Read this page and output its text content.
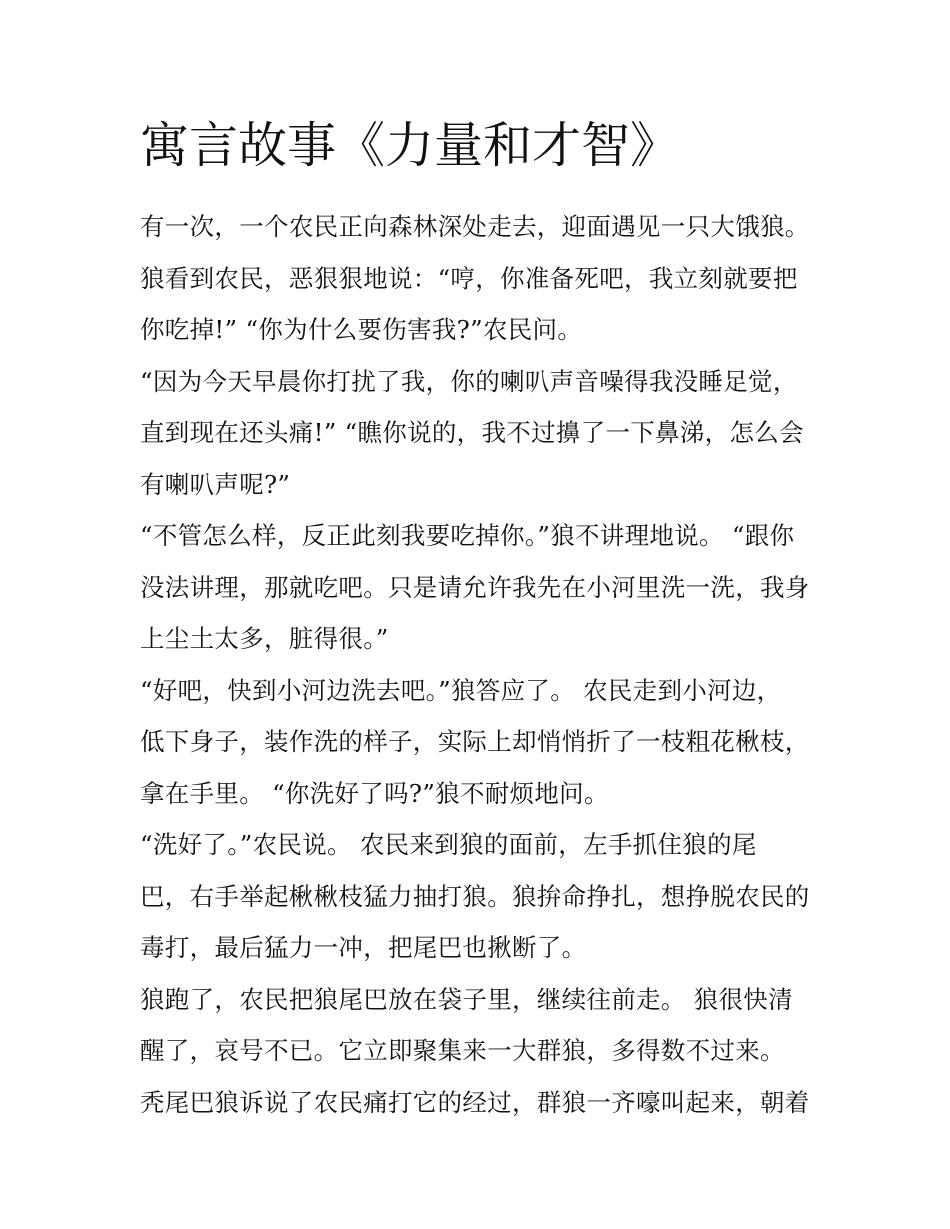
寓言故事《力量和才智》
有一次，一个农民正向森林深处走去，迎面遇见一只大饿狼。
狼看到农民，恶狠狠地说：“哼，你准备死吧，我立刻就要把
你吃掉!” “你为什么要伤害我?”农民问。
“因为今天早晨你打扰了我，你的喇叭声音噪得我没睡足觉，
直到现在还头痛!” “瞧你说的，我不过擤了一下鼻涕，怎么会
有喇叭声呢?”
“不管怎么样，反正此刻我要吃掉你。”狼不讲理地说。 “跟你
没法讲理，那就吃吧。只是请允许我先在小河里洗一洗，我身
上尘土太多，脏得很。”
“好吧，快到小河边洗去吧。”狼答应了。 农民走到小河边，
低下身子，装作洗的样子，实际上却悄悄折了一枝粗花楸枝，
拿在手里。 “你洗好了吗?”狼不耐烦地问。
“洗好了。”农民说。 农民来到狼的面前，左手抓住狼的尾
巴，右手举起楸楸枝猛力抽打狼。狼拚命挣扎，想挣脱农民的
毒打，最后猛力一冲，把尾巴也揪断了。
狼跑了，农民把狼尾巴放在袋子里，继续往前走。 狼很快清
醒了，哀号不已。它立即聚集来一大群狼，多得数不过来。
秃尾巴狼诉说了农民痛打它的经过，群狼一齐嚎叫起来，朝着
